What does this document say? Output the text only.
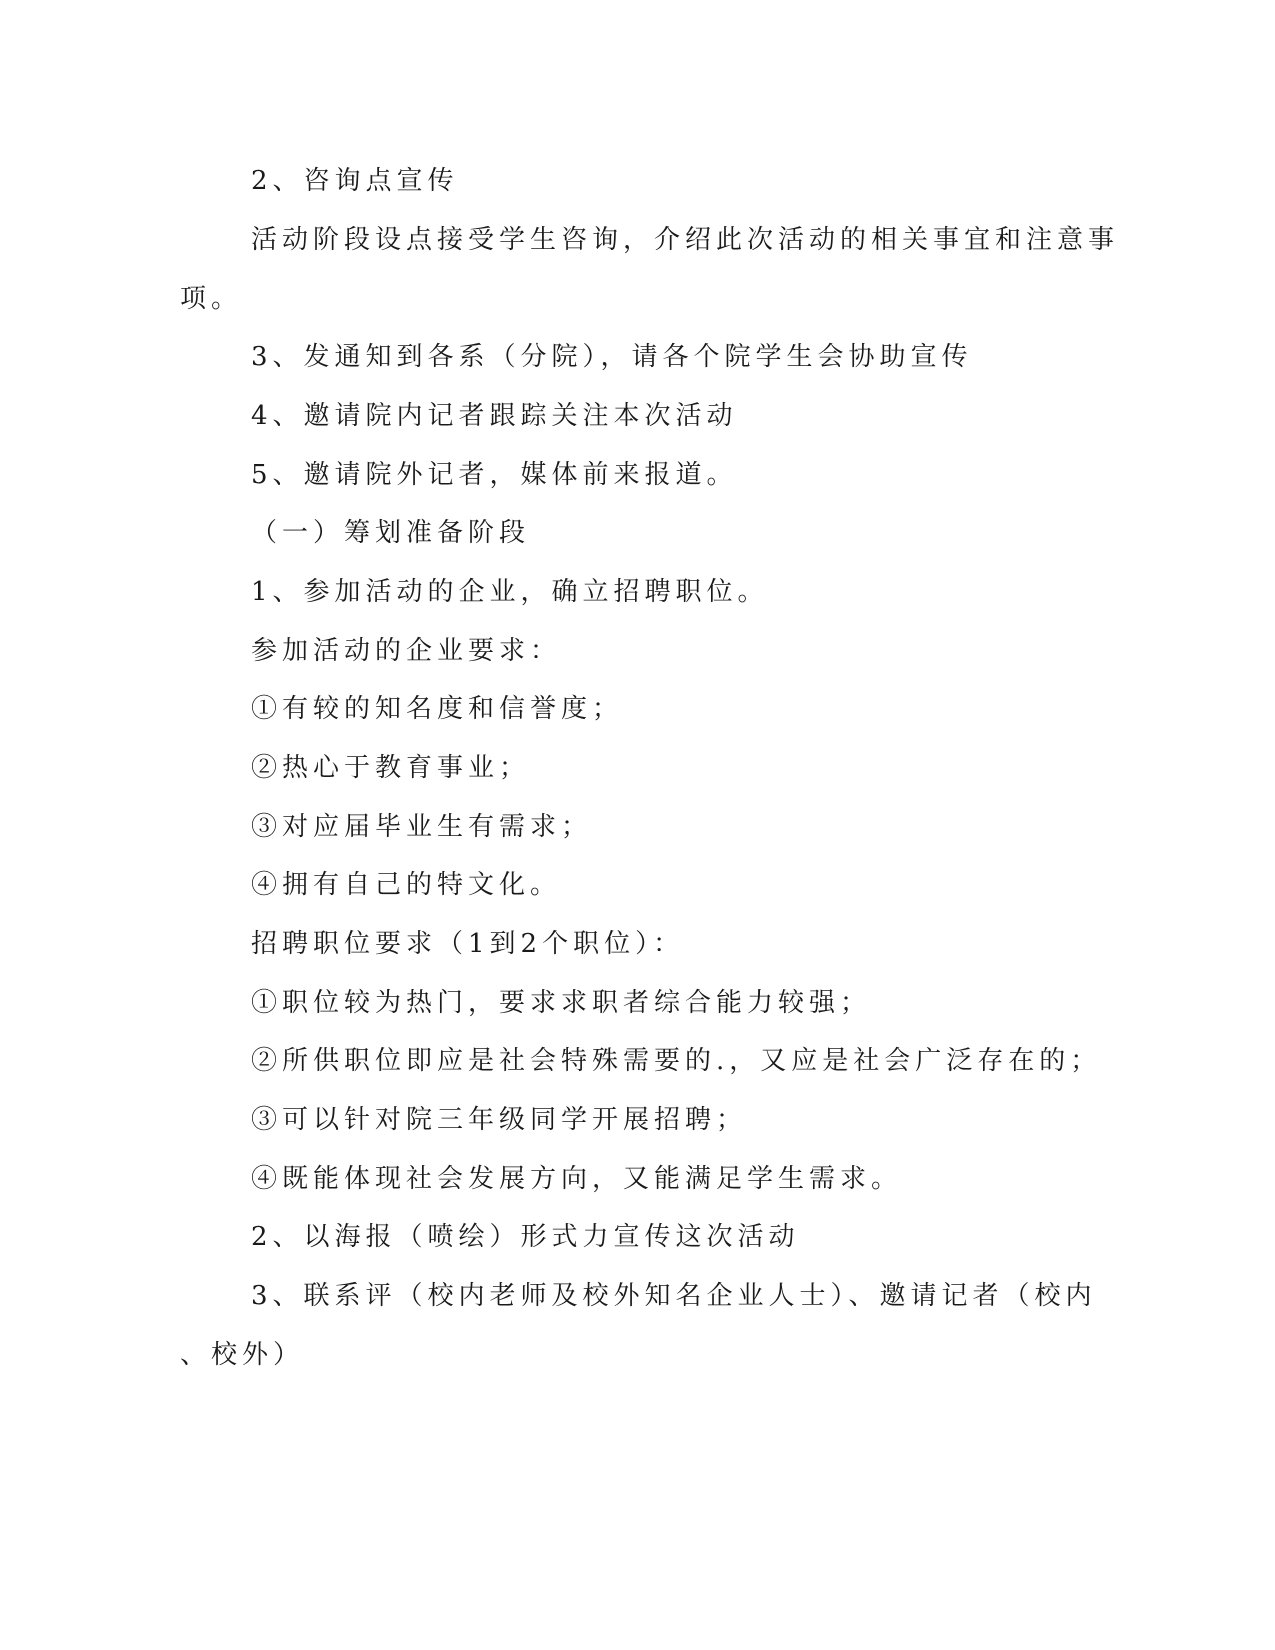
2、咨询点宣传
活动阶段设点接受学生咨询，介绍此次活动的相关事宜和注意事
项。
3、发通知到各系（分院），请各个院学生会协助宣传
4、邀请院内记者跟踪关注本次活动
5、邀请院外记者，媒体前来报道。
（一）筹划准备阶段
1、参加活动的企业，确立招聘职位。
参加活动的企业要求：
①有较的知名度和信誉度；
②热心于教育事业；
③对应届毕业生有需求；
④拥有自己的特文化。
招聘职位要求（1到2个职位）：
①职位较为热门，要求求职者综合能力较强；
②所供职位即应是社会特殊需要的.，又应是社会广泛存在的；
③可以针对院三年级同学开展招聘；
④既能体现社会发展方向，又能满足学生需求。
2、以海报（喷绘）形式力宣传这次活动
3、联系评（校内老师及校外知名企业人士）、邀请记者（校内
、校外）
